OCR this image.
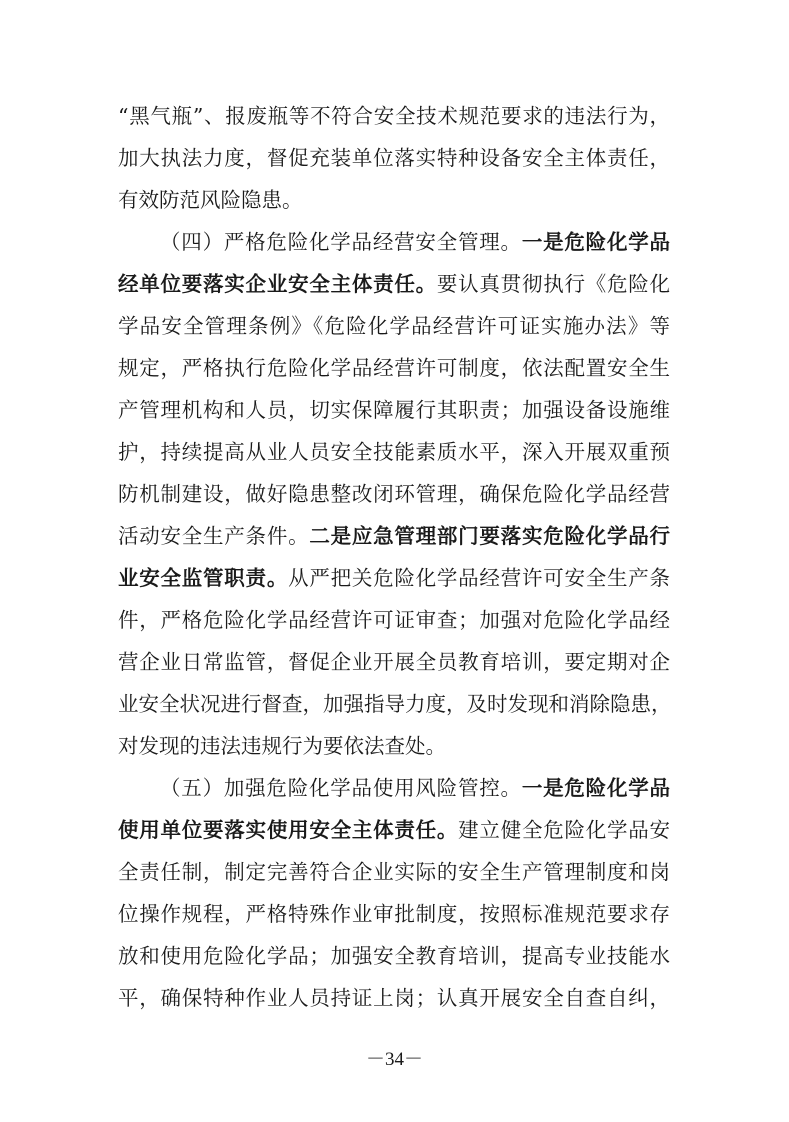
“黑气瓶”、报废瓶等不符合安全技术规范要求的违法行为，
加大执法力度，督促充装单位落实特种设备安全主体责任，
有效防范风险隐患。
（四）严格危险化学品经营安全管理。一是危险化学品
经单位要落实企业安全主体责任。要认真贯彻执行《危险化
学品安全管理条例》《危险化学品经营许可证实施办法》等
规定，严格执行危险化学品经营许可制度，依法配置安全生
产管理机构和人员，切实保障履行其职责；加强设备设施维
护，持续提高从业人员安全技能素质水平，深入开展双重预
防机制建设，做好隐患整改闭环管理，确保危险化学品经营
活动安全生产条件。二是应急管理部门要落实危险化学品行
业安全监管职责。从严把关危险化学品经营许可安全生产条
件，严格危险化学品经营许可证审查；加强对危险化学品经
营企业日常监管，督促企业开展全员教育培训，要定期对企
业安全状况进行督查，加强指导力度，及时发现和消除隐患，
对发现的违法违规行为要依法查处。
（五）加强危险化学品使用风险管控。一是危险化学品
使用单位要落实使用安全主体责任。建立健全危险化学品安
全责任制，制定完善符合企业实际的安全生产管理制度和岗
位操作规程，严格特殊作业审批制度，按照标准规范要求存
放和使用危险化学品；加强安全教育培训，提高专业技能水
平，确保特种作业人员持证上岗；认真开展安全自查自纠，
－34－
